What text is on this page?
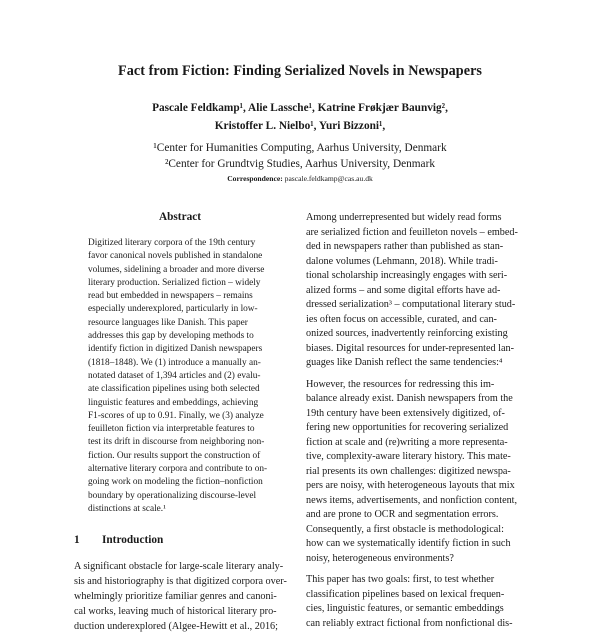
Fact from Fiction: Finding Serialized Novels in Newspapers
Pascale Feldkamp¹, Alie Lassche¹, Katrine Frøkjær Baunvig²,
Kristoffer L. Nielbo¹, Yuri Bizzoni¹,
¹Center for Humanities Computing, Aarhus University, Denmark
²Center for Grundtvig Studies, Aarhus University, Denmark
Correspondence: pascale.feldkamp@cas.au.dk
Abstract
Digitized literary corpora of the 19th century
favor canonical novels published in standalone
volumes, sidelining a broader and more diverse
literary production. Serialized fiction – widely
read but embedded in newspapers – remains
especially underexplored, particularly in low-
resource languages like Danish. This paper
addresses this gap by developing methods to
identify fiction in digitized Danish newspapers
(1818–1848). We (1) introduce a manually an-
notated dataset of 1,394 articles and (2) evalu-
ate classification pipelines using both selected
linguistic features and embeddings, achieving
F1-scores of up to 0.91. Finally, we (3) analyze
feuilleton fiction via interpretable features to
test its drift in discourse from neighboring non-
fiction. Our results support the construction of
alternative literary corpora and contribute to on-
going work on modeling the fiction–nonfiction
boundary by operationalizing discourse-level
distinctions at scale.¹
1 Introduction
A significant obstacle for large-scale literary analy-
sis and historiography is that digitized corpora over-
whelmingly prioritize familiar genres and canoni-
cal works, leaving much of historical literary pro-
duction underexplored (Algee-Hewitt et al., 2016;
Among underrepresented but widely read forms
are serialized fiction and feuilleton novels – embed-
ded in newspapers rather than published as stan-
dalone volumes (Lehmann, 2018). While tradi-
tional scholarship increasingly engages with seri-
alized forms – and some digital efforts have ad-
dressed serialization³ – computational literary stud-
ies often focus on accessible, curated, and can-
onized sources, inadvertently reinforcing existing
biases. Digital resources for under-represented lan-
guages like Danish reflect the same tendencies:⁴
However, the resources for redressing this im-
balance already exist. Danish newspapers from the
19th century have been extensively digitized, of-
fering new opportunities for recovering serialized
fiction at scale and (re)writing a more representa-
tive, complexity-aware literary history. This mate-
rial presents its own challenges: digitized newspa-
pers are noisy, with heterogeneous layouts that mix
news items, advertisements, and nonfiction content,
and are prone to OCR and segmentation errors.
Consequently, a first obstacle is methodological:
how can we systematically identify fiction in such
noisy, heterogeneous environments?
This paper has two goals: first, to test whether
classification pipelines based on lexical frequen-
cies, linguistic features, or semantic embeddings
can reliably extract fictional from nonfictional dis-
